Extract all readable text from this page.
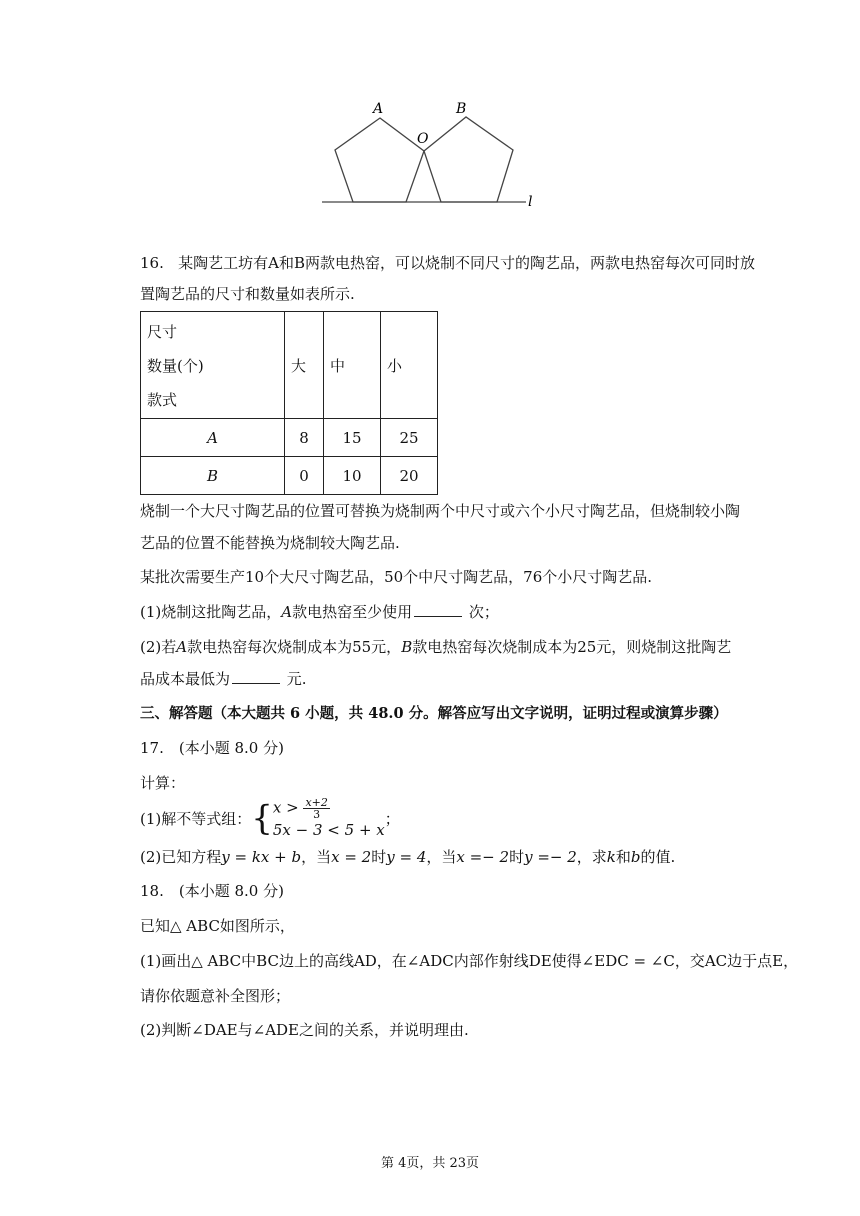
A
O
B
l
16. 某陶艺工坊有A和B两款电热窑，可以烧制不同尺寸的陶艺品，两款电热窑每次可同时放
置陶艺品的尺寸和数量如表所示.
尺寸
数量(个)
款式	大	中	小
A	8	15	25
B	0	10	20
烧制一个大尺寸陶艺品的位置可替换为烧制两个中尺寸或六个小尺寸陶艺品，但烧制较小陶
艺品的位置不能替换为烧制较大陶艺品.
某批次需要生产10个大尺寸陶艺品，50个中尺寸陶艺品，76个小尺寸陶艺品.
(1)烧制这批陶艺品，A款电热窑至少使用	次；
(2)若A款电热窑每次烧制成本为55元，B款电热窑每次烧制成本为25元，则烧制这批陶艺
品成本最低为	元.
三、解答题（本大题共 6 小题，共 48.0 分。解答应写出文字说明，证明过程或演算步骤）
17.　(本小题 8.0 分)
计算：
(1)解不等式组：{ $x > \frac{x+2}{3}$
5x − 3 < 5 + x
；
(2)已知方程y = kx + b，当x = 2时y = 4，当x =− 2时y =− 2，求k和b的值.
18.　(本小题 8.0 分)
已知△ ABC如图所示，
(1)画出△ ABC中BC边上的高线AD，在∠ADC内部作射线DE使得∠EDC = ∠C，交AC边于点E，
请你依题意补全图形；
(2)判断∠DAE与∠ADE之间的关系，并说明理由.
第 4页，共 23页
